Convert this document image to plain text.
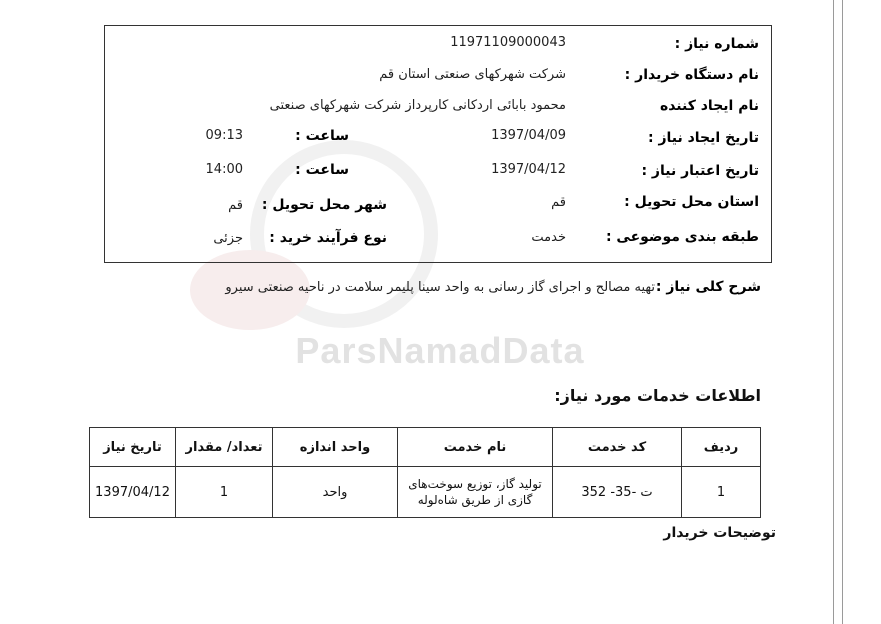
ParsNamadData
شماره نیاز :
11971109000043
نام دستگاه خریدار :
شرکت شهرکهای صنعتی استان قم
نام ایجاد کننده
محمود بابائی اردکانی کارپرداز شرکت شهرکهای صنعتی
تاریخ ایجاد نیاز :
1397/04/09
ساعت :
09:13
تاریخ اعتبار نیاز :
1397/04/12
ساعت :
14:00
استان محل تحویل :
قم
شهر محل تحویل :
قم
طبقه بندی موضوعی :
خدمت
نوع فرآیند خرید :
جزئی
شرح کلی نیاز :
تهیه مصالح و اجرای گاز رسانی به واحد سینا پلیمر سلامت در ناحیه صنعتی سیرو
اطلاعات خدمات مورد نیاز:
ردیف	کد خدمت	نام خدمت	واحد اندازه	تعداد/ مقدار	تاریخ نیاز
1	ت -35- 352	تولید گاز، توزیع سوخت‌های گازی از طریق شاه‌لوله	واحد	1	1397/04/12
توضیحات خریدار
